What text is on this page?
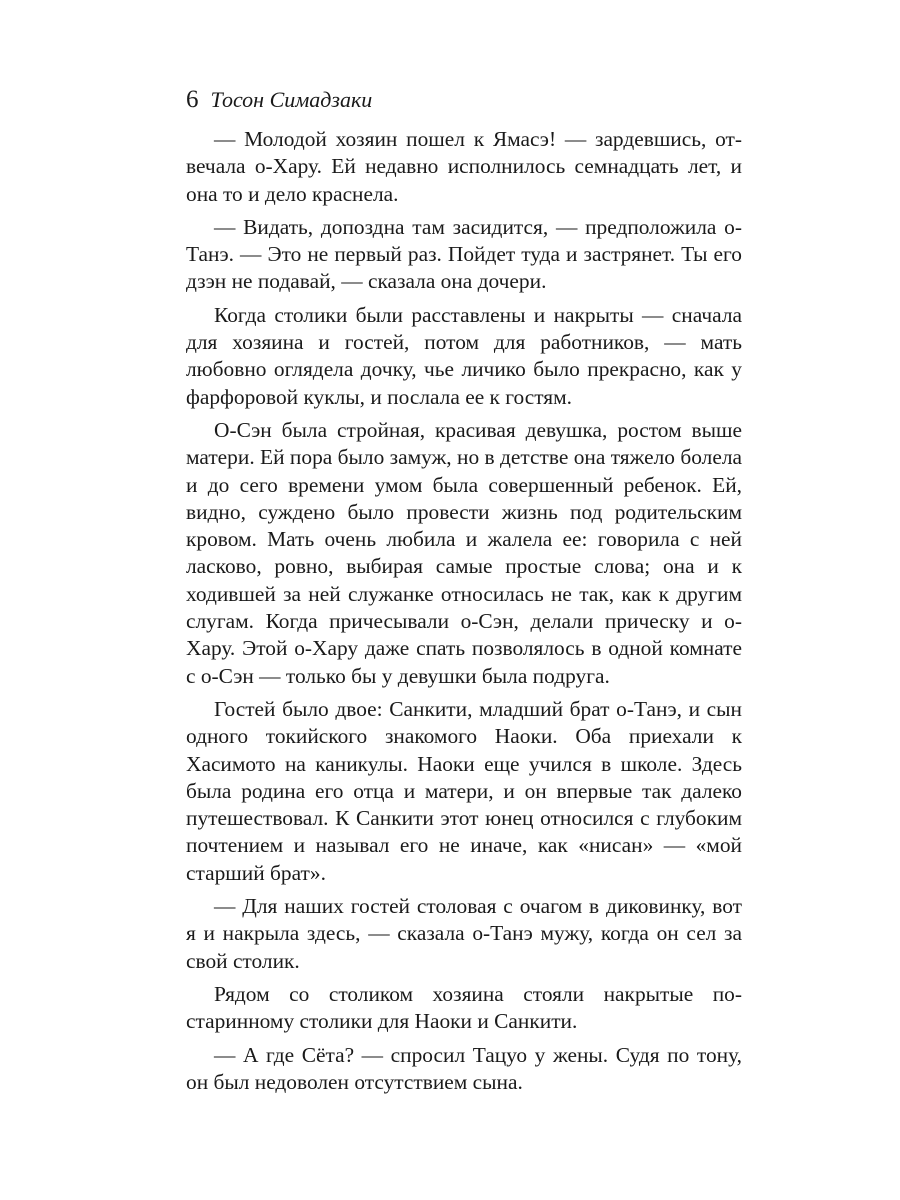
6 Тосон Симадзаки

— Молодой хозяин пошел к Ямасэ! — зардевшись, отвечала о-Хару. Ей недавно исполнилось семнадцать лет, и она то и дело краснела.

— Видать, допоздна там засидится, — предположила о-Танэ. — Это не первый раз. Пойдет туда и застрянет. Ты его дзэн не подавай, — сказала она дочери.

Когда столики были расставлены и накрыты — сначала для хозяина и гостей, потом для работников, — мать любовно оглядела дочку, чье личико было прекрасно, как у фарфоровой куклы, и послала ее к гостям.

О-Сэн была стройная, красивая девушка, ростом выше матери. Ей пора было замуж, но в детстве она тяжело болела и до сего времени умом была совершенный ребенок. Ей, видно, суждено было провести жизнь под родительским кровом. Мать очень любила и жалела ее: говорила с ней ласково, ровно, выбирая самые простые слова; она и к ходившей за ней служанке относилась не так, как к другим слугам. Когда причесывали о-Сэн, делали прическу и о-Хару. Этой о-Хару даже спать позволялось в одной комнате с о-Сэн — только бы у девушки была подруга.

Гостей было двое: Санкити, младший брат о-Танэ, и сын одного токийского знакомого Наоки. Оба приехали к Хасимото на каникулы. Наоки еще учился в школе. Здесь была родина его отца и матери, и он впервые так далеко путешествовал. К Санкити этот юнец относился с глубоким почтением и называл его не иначе, как «нисан» — «мой старший брат».

— Для наших гостей столовая с очагом в диковинку, вот я и накрыла здесь, — сказала о-Танэ мужу, когда он сел за свой столик.

Рядом со столиком хозяина стояли накрытые постаринному столики для Наоки и Санкити.

— А где Сёта? — спросил Тацуо у жены. Судя по тону, он был недоволен отсутствием сына.
